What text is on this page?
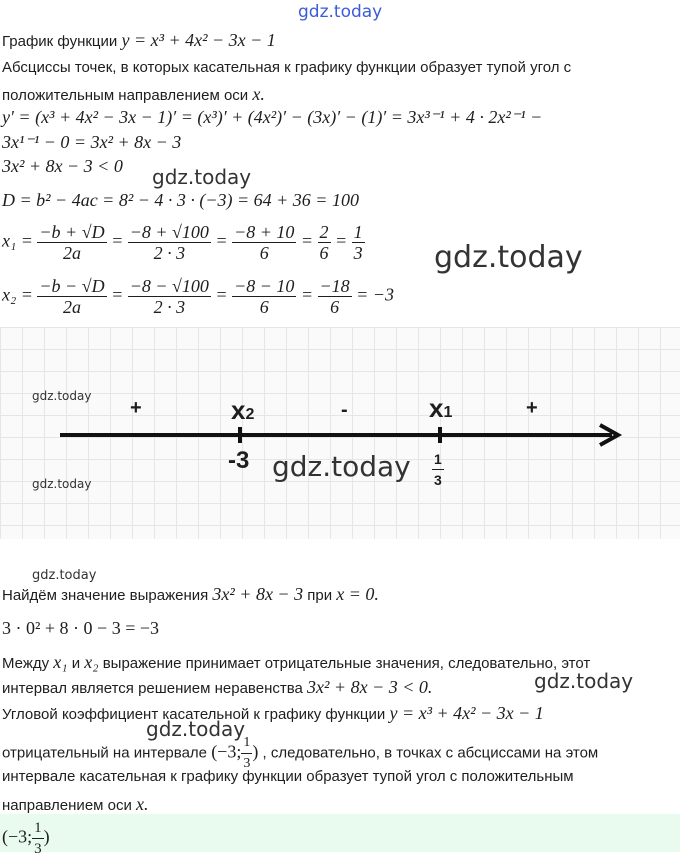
gdz.today
График функции y = x³ + 4x² − 3x − 1
Абсциссы точек, в которых касательная к графику функции образует тупой угол с
положительным направлением оси x.
y′ = (x³ + 4x² − 3x − 1)′ = (x³)′ + (4x²)′ − (3x)′ − (1)′ = 3x³⁻¹ + 4 · 2x²⁻¹ −
3x¹⁻¹ − 0 = 3x² + 8x − 3
3x² + 8x − 3 < 0 gdz.today
D = b² − 4ac = 8² − 4 · 3 · (−3) = 64 + 36 = 100
$x_1 = \frac{-b + √D}{2a} = \frac{-8 + √100}{2 \cdot 3} = \frac{-8 + 10}{6} = \frac{2}{6} = \frac{1}{3}$ gdz.today
$x_2 = \frac{-b - √D}{2a} = \frac{-8 - √100}{2 \cdot 3} = \frac{-8 - 10}{6} = \frac{-18}{6} = -3$
gdz.today
gdz.today
+	-	+
x2	x1
-3 gdz.today $\frac{1}{3}$
gdz.today
Найдём значение выражения 3x² + 8x − 3 при x = 0.
3 · 0² + 8 · 0 − 3 = −3
Между x₁ и x₂ выражение принимает отрицательные значения, следовательно, этот
интервал является решением неравенства 3x² + 8x − 3 < 0.	gdz.today
Угловой коэффициент касательной к графику функции y = x³ + 4x² − 3x − 1
gdz.today
отрицательный на интервале (−3; $\frac{1}{3}$ ) , следовательно, в точках с абсциссами на этом
интервале касательная к графику функции образует тупой угол с положительным
направлением оси x.
(−3; $\frac{1}{3}$ )
